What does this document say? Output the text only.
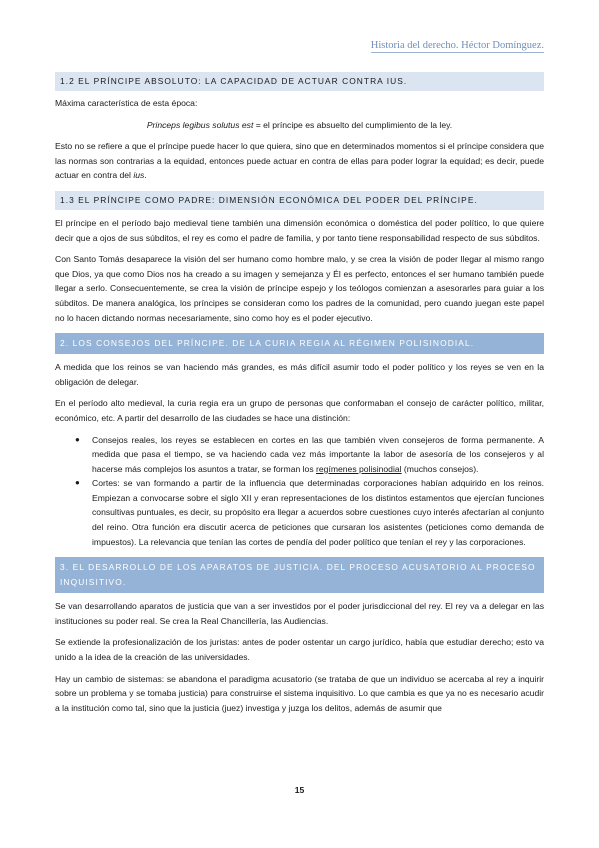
Historia del derecho. Héctor Domínguez.
1.2 EL PRÍNCIPE ABSOLUTO: LA CAPACIDAD DE ACTUAR CONTRA IUS.

Máxima característica de esta época:

Princeps legibus solutus est = el príncipe es absuelto del cumplimiento de la ley.

Esto no se refiere a que el príncipe puede hacer lo que quiera, sino que en determinados momentos si el príncipe considera que las normas son contrarias a la equidad, entonces puede actuar en contra de ellas para poder lograr la equidad; es decir, puede actuar en contra del ius.

1.3 EL PRÍNCIPE COMO PADRE: DIMENSIÓN ECONÓMICA DEL PODER DEL PRÍNCIPE.

El príncipe en el período bajo medieval tiene también una dimensión económica o doméstica del poder político, lo que quiere decir que a ojos de sus súbditos, el rey es como el padre de familia, y por tanto tiene responsabilidad respecto de sus súbditos.

Con Santo Tomás desaparece la visión del ser humano como hombre malo, y se crea la visión de poder llegar al mismo rango que Dios, ya que como Dios nos ha creado a su imagen y semejanza y Él es perfecto, entonces el ser humano también puede llegar a serlo. Consecuentemente, se crea la visión de príncipe espejo y los teólogos comienzan a asesorarles para guiar a los súbditos. De manera analógica, los príncipes se consideran como los padres de la comunidad, pero cuando juegan este papel no lo hacen dictando normas necesariamente, sino como hoy es el poder ejecutivo.

2. LOS CONSEJOS DEL PRÍNCIPE. DE LA CURIA REGIA AL RÉGIMEN POLISINODIAL.

A medida que los reinos se van haciendo más grandes, es más difícil asumir todo el poder político y los reyes se ven en la obligación de delegar.

En el período alto medieval, la curia regia era un grupo de personas que conformaban el consejo de carácter político, militar, económico, etc. A partir del desarrollo de las ciudades se hace una distinción:

● Consejos reales, los reyes se establecen en cortes en las que también viven consejeros de forma permanente. A medida que pasa el tiempo, se va haciendo cada vez más importante la labor de asesoría de los consejeros y al hacerse más complejos los asuntos a tratar, se forman los regímenes polisinodial (muchos consejos).
● Cortes: se van formando a partir de la influencia que determinadas corporaciones habían adquirido en los reinos. Empiezan a convocarse sobre el siglo XII y eran representaciones de los distintos estamentos que ejercían funciones consultivas puntuales, es decir, su propósito era llegar a acuerdos sobre cuestiones cuyo interés afectarían al conjunto del reino. Otra función era discutir acerca de peticiones que cursaran los asistentes (peticiones como demanda de impuestos). La relevancia que tenían las cortes de pendía del poder político que tenían el rey y las corporaciones.
3. EL DESARROLLO DE LOS APARATOS DE JUSTICIA. DEL PROCESO ACUSATORIO AL PROCESO INQUISITIVO.

Se van desarrollando aparatos de justicia que van a ser investidos por el poder jurisdiccional del rey. El rey va a delegar en las instituciones su poder real. Se crea la Real Chancillería, las Audiencias.

Se extiende la profesionalización de los juristas: antes de poder ostentar un cargo jurídico, había que estudiar derecho; esto va unido a la idea de la creación de las universidades.

Hay un cambio de sistemas: se abandona el paradigma acusatorio (se trataba de que un individuo se acercaba al rey a inquirir sobre un problema y se tomaba justicia) para construirse el sistema inquisitivo. Lo que cambia es que ya no es necesario acudir a la institución como tal, sino que la justicia (juez) investiga y juzga los delitos, además de asumir que

15
